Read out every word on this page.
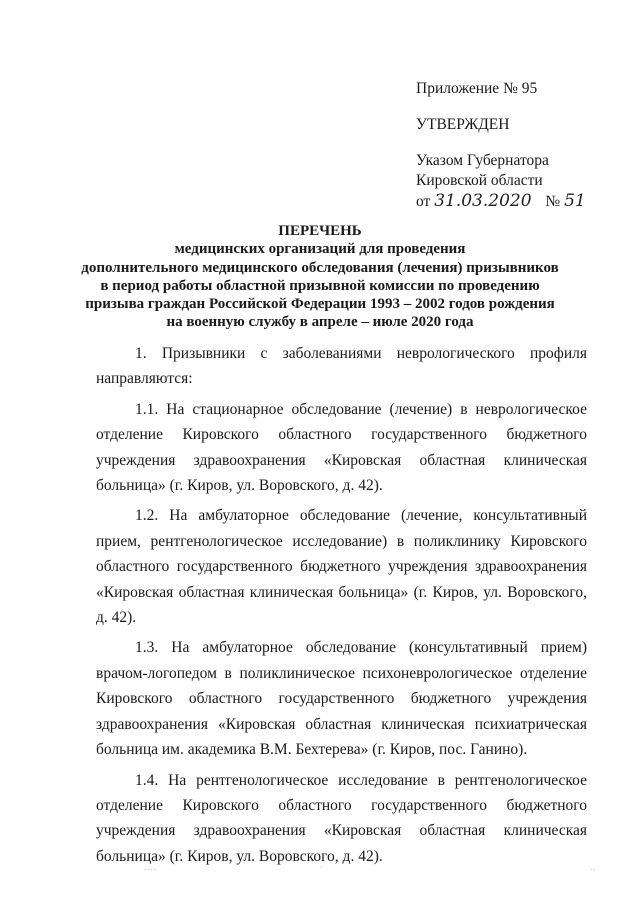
Приложение № 95
УТВЕРЖДЕН
Указом Губернатора
Кировской области
от 31.03.2020 № 51
ПЕРЕЧЕНЬ
медицинских организаций для проведения
дополнительного медицинского обследования (лечения) призывников
в период работы областной призывной комиссии по проведению
призыва граждан Российской Федерации 1993 – 2002 годов рождения
на военную службу в апреле – июле 2020 года

1. Призывники с заболеваниями неврологического профиля направляются:

1.1. На стационарное обследование (лечение) в неврологическое отделение Кировского областного государственного бюджетного учреждения здравоохранения «Кировская областная клиническая больница» (г. Киров, ул. Воровского, д. 42).

1.2. На амбулаторное обследование (лечение, консультативный прием, рентгенологическое исследование) в поликлинику Кировского областного государственного бюджетного учреждения здравоохранения «Кировская областная клиническая больница» (г. Киров, ул. Воровского, д. 42).

1.3. На амбулаторное обследование (консультативный прием) врачом-логопедом в поликлиническое психоневрологическое отделение Кировского областного государственного бюджетного учреждения здравоохранения «Кировская областная клиническая психиатрическая больница им. академика В.М. Бехтерева» (г. Киров, пос. Ганино).

1.4. На рентгенологическое исследование в рентгенологическое отделение Кировского областного государственного бюджетного учреждения здравоохранения «Кировская областная клиническая больница» (г. Киров, ул. Воровского, д. 42).

....	·	..
